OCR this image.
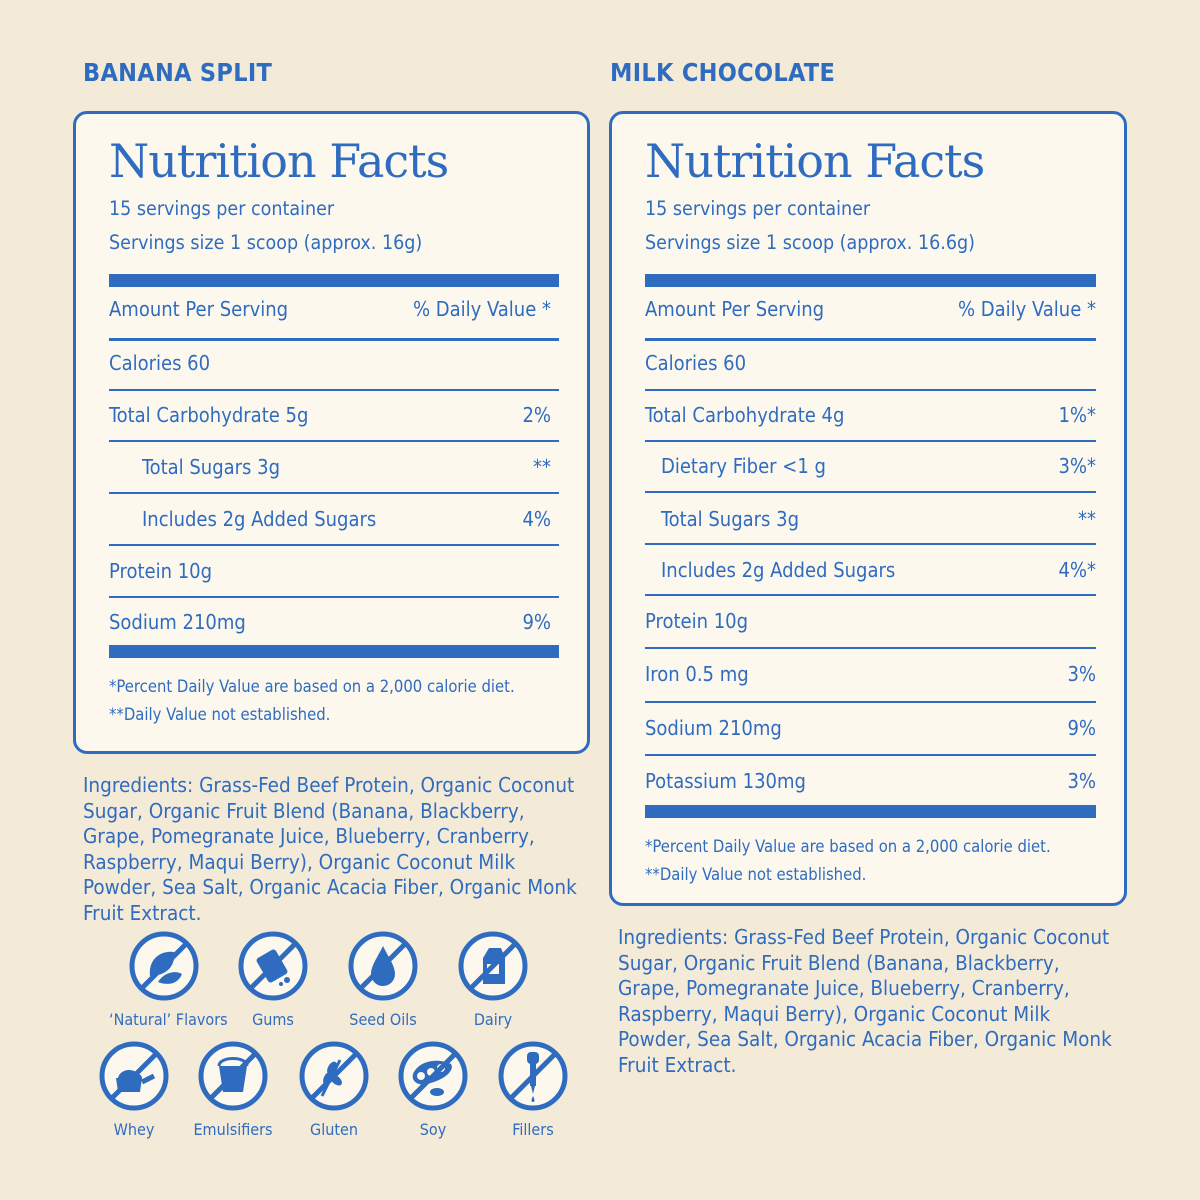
BANANA SPLIT
Nutrition Facts
15 servings per container
Servings size 1 scoop (approx. 16g)
Amount Per Serving	% Daily Value *
Calories 60
Total Carbohydrate 5g	2%
Total Sugars 3g	**
Includes 2g Added Sugars	4%
Protein 10g
Sodium 210mg	9%
*Percent Daily Value are based on a 2,000 calorie diet.
**Daily Value not established.
Ingredients: Grass-Fed Beef Protein, Organic Coconut Sugar, Organic Fruit Blend (Banana, Blackberry, Grape, Pomegranate Juice, Blueberry, Cranberry, Raspberry, Maqui Berry), Organic Coconut Milk Powder, Sea Salt, Organic Acacia Fiber, Organic Monk Fruit Extract.
‘Natural’ Flavors	Gums	Seed Oils	Dairy
Whey	Emulsifiers	Gluten	Soy	Fillers
MILK CHOCOLATE
Nutrition Facts
15 servings per container
Servings size 1 scoop (approx. 16.6g)
Amount Per Serving	% Daily Value *
Calories 60
Total Carbohydrate 4g	1%*
Dietary Fiber <1 g	3%*
Total Sugars 3g	**
Includes 2g Added Sugars	4%*
Protein 10g
Iron 0.5 mg	3%
Sodium 210mg	9%
Potassium 130mg	3%
*Percent Daily Value are based on a 2,000 calorie diet.
**Daily Value not established.
Ingredients: Grass-Fed Beef Protein, Organic Coconut Sugar, Organic Fruit Blend (Banana, Blackberry, Grape, Pomegranate Juice, Blueberry, Cranberry, Raspberry, Maqui Berry), Organic Coconut Milk Powder, Sea Salt, Organic Acacia Fiber, Organic Monk Fruit Extract.
